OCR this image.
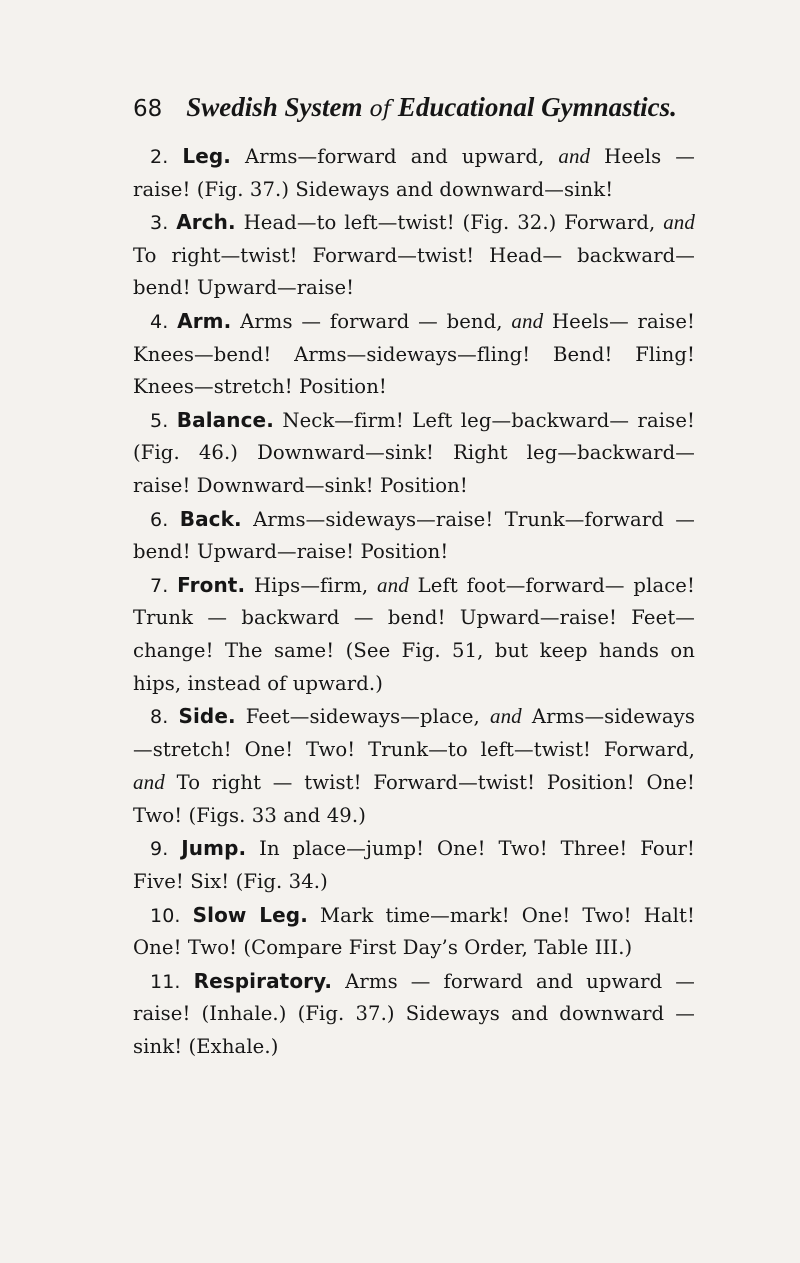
68 Swedish System of Educational Gymnastics.

2. Leg. Arms—forward and upward, and Heels —raise! (Fig. 37.) Sideways and downward—sink!

3. Arch. Head—to left—twist! (Fig. 32.) Forward, and To right—twist! Forward—twist! Head— backward—bend! Upward—raise!

4. Arm. Arms — forward — bend, and Heels— raise! Knees—bend! Arms—sideways—fling! Bend! Fling! Knees—stretch! Position!

5. Balance. Neck—firm! Left leg—backward— raise! (Fig. 46.) Downward—sink! Right leg—backward—raise! Downward—sink! Position!

6. Back. Arms—sideways—raise! Trunk—forward —bend! Upward—raise! Position!

7. Front. Hips—firm, and Left foot—forward— place! Trunk — backward — bend! Upward—raise! Feet—change! The same! (See Fig. 51, but keep hands on hips, instead of upward.)

8. Side. Feet—sideways—place, and Arms—sideways—stretch! One! Two! Trunk—to left—twist! Forward, and To right — twist! Forward—twist! Position! One! Two! (Figs. 33 and 49.)

9. Jump. In place—jump! One! Two! Three! Four! Five! Six! (Fig. 34.)

10. Slow Leg. Mark time—mark! One! Two! Halt! One! Two! (Compare First Day’s Order, Table III.)

11. Respiratory. Arms — forward and upward — raise! (Inhale.) (Fig. 37.) Sideways and downward —sink! (Exhale.)
